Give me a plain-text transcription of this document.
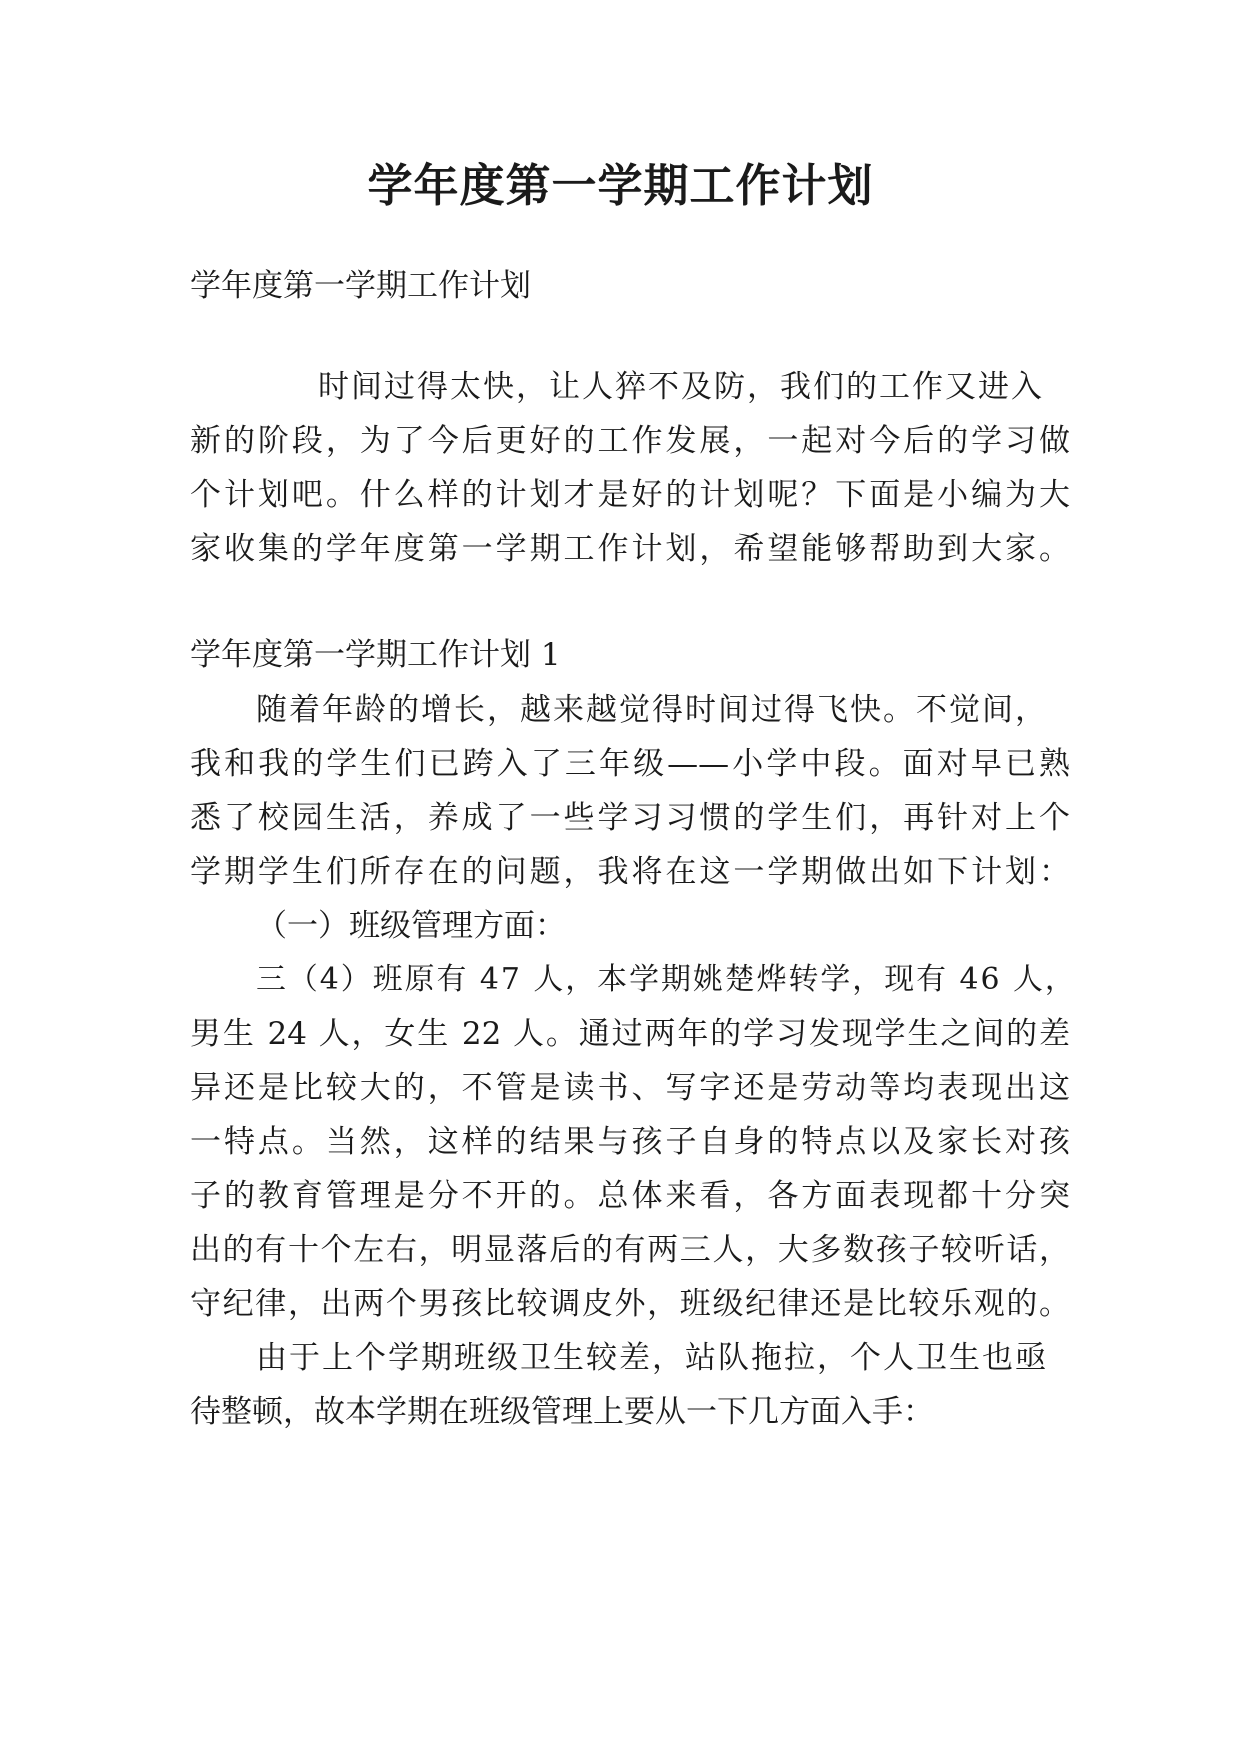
学年度第一学期工作计划

学年度第一学期工作计划

时间过得太快，让人猝不及防，我们的工作又进入

新的阶段，为了今后更好的工作发展，一起对今后的学习做

个计划吧。什么样的计划才是好的计划呢？下面是小编为大

家收集的学年度第一学期工作计划，希望能够帮助到大家。

学年度第一学期工作计划 1

随着年龄的增长，越来越觉得时间过得飞快。不觉间，

我和我的学生们已跨入了三年级——小学中段。面对早已熟

悉了校园生活，养成了一些学习习惯的学生们，再针对上个

学期学生们所存在的问题，我将在这一学期做出如下计划：

（一）班级管理方面：

三（4）班原有 47 人，本学期姚楚烨转学，现有 46 人，

男生 24 人，女生 22 人。通过两年的学习发现学生之间的差

异还是比较大的，不管是读书、写字还是劳动等均表现出这

一特点。当然，这样的结果与孩子自身的特点以及家长对孩

子的教育管理是分不开的。总体来看，各方面表现都十分突

出的有十个左右，明显落后的有两三人，大多数孩子较听话，

守纪律，出两个男孩比较调皮外，班级纪律还是比较乐观的。

由于上个学期班级卫生较差，站队拖拉，个人卫生也亟

待整顿，故本学期在班级管理上要从一下几方面入手：
